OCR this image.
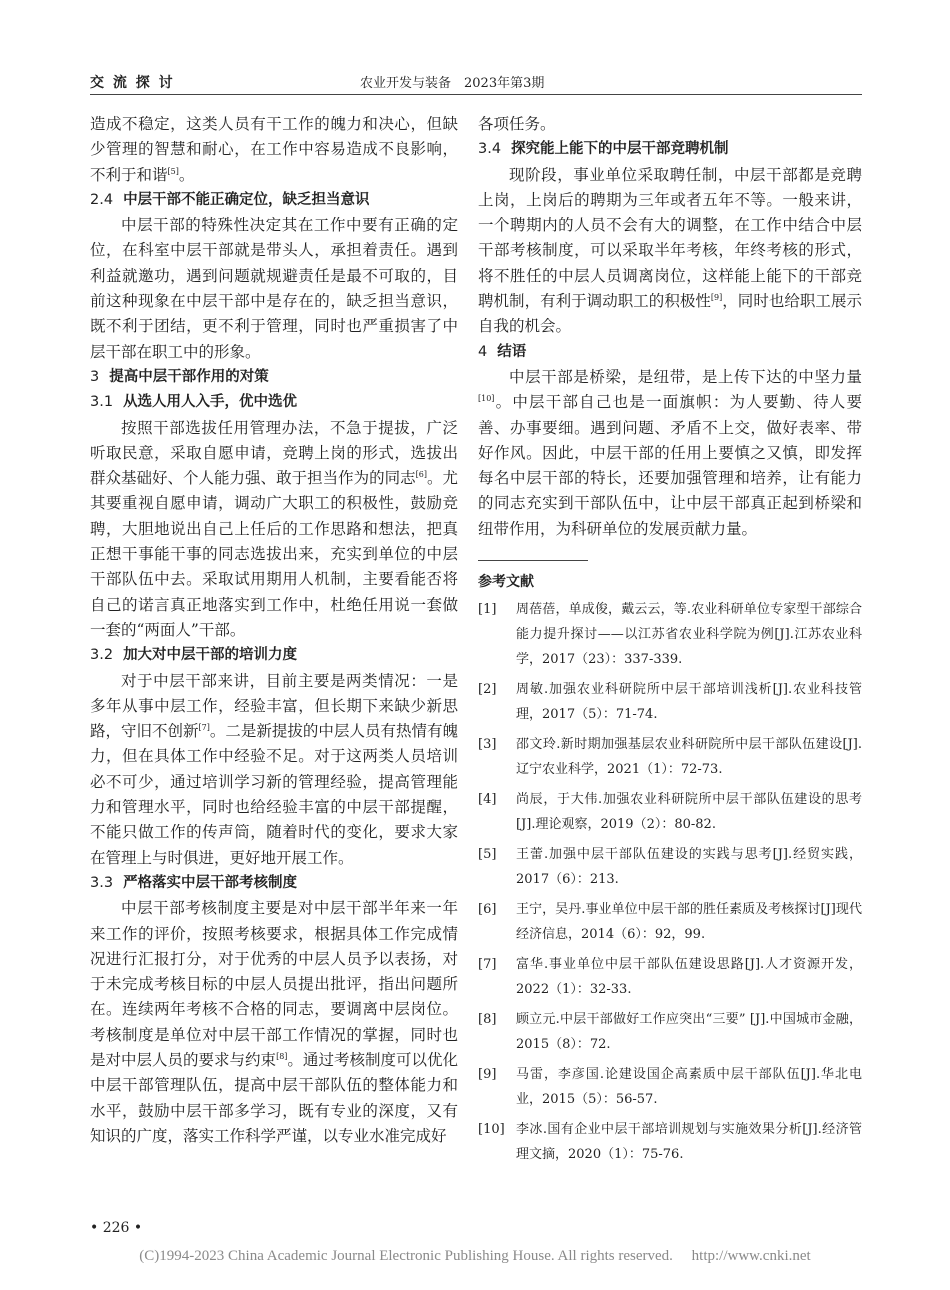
交 流 探 讨	农业开发与装备　2023年第3期

造成不稳定，这类人员有干工作的魄力和决心，但缺少管理的智慧和耐心，在工作中容易造成不良影响，不利于和谐[5]。

2.4 中层干部不能正确定位，缺乏担当意识

中层干部的特殊性决定其在工作中要有正确的定位，在科室中层干部就是带头人，承担着责任。遇到利益就邀功，遇到问题就规避责任是最不可取的，目前这种现象在中层干部中是存在的，缺乏担当意识，既不利于团结，更不利于管理，同时也严重损害了中层干部在职工中的形象。

3 提高中层干部作用的对策

3.1 从选人用人入手，优中选优

按照干部选拔任用管理办法，不急于提拔，广泛听取民意，采取自愿申请，竞聘上岗的形式，选拔出群众基础好、个人能力强、敢于担当作为的同志[6]。尤其要重视自愿申请，调动广大职工的积极性，鼓励竞聘，大胆地说出自己上任后的工作思路和想法，把真正想干事能干事的同志选拔出来，充实到单位的中层干部队伍中去。采取试用期用人机制，主要看能否将自己的诺言真正地落实到工作中，杜绝任用说一套做一套的“两面人”干部。

3.2 加大对中层干部的培训力度

对于中层干部来讲，目前主要是两类情况：一是多年从事中层工作，经验丰富，但长期下来缺少新思路，守旧不创新[7]。二是新提拔的中层人员有热情有魄力，但在具体工作中经验不足。对于这两类人员培训必不可少，通过培训学习新的管理经验，提高管理能力和管理水平，同时也给经验丰富的中层干部提醒，不能只做工作的传声筒，随着时代的变化，要求大家在管理上与时俱进，更好地开展工作。

3.3 严格落实中层干部考核制度

中层干部考核制度主要是对中层干部半年来一年来工作的评价，按照考核要求，根据具体工作完成情况进行汇报打分，对于优秀的中层人员予以表扬，对于未完成考核目标的中层人员提出批评，指出问题所在。连续两年考核不合格的同志，要调离中层岗位。考核制度是单位对中层干部工作情况的掌握，同时也是对中层人员的要求与约束[8]。通过考核制度可以优化中层干部管理队伍，提高中层干部队伍的整体能力和水平，鼓励中层干部多学习，既有专业的深度，又有知识的广度，落实工作科学严谨，以专业水准完成好

各项任务。

3.4 探究能上能下的中层干部竞聘机制

现阶段，事业单位采取聘任制，中层干部都是竞聘上岗，上岗后的聘期为三年或者五年不等。一般来讲，一个聘期内的人员不会有大的调整，在工作中结合中层干部考核制度，可以采取半年考核，年终考核的形式，将不胜任的中层人员调离岗位，这样能上能下的干部竞聘机制，有利于调动职工的积极性[9]，同时也给职工展示自我的机会。

4 结语

中层干部是桥梁，是纽带，是上传下达的中坚力量[10]。中层干部自己也是一面旗帜：为人要勤、待人要善、办事要细。遇到问题、矛盾不上交，做好表率、带好作风。因此，中层干部的任用上要慎之又慎，即发挥每名中层干部的特长，还要加强管理和培养，让有能力的同志充实到干部队伍中，让中层干部真正起到桥梁和纽带作用，为科研单位的发展贡献力量。

参考文献

[1] 周蓓蓓，单成俊，戴云云，等.农业科研单位专家型干部综合能力提升探讨——以江苏省农业科学院为例[J].江苏农业科学，2017（23）：337-339.

[2] 周敏.加强农业科研院所中层干部培训浅析[J].农业科技管理，2017（5）：71-74.

[3] 邵文玲.新时期加强基层农业科研院所中层干部队伍建设[J].辽宁农业科学，2021（1）：72-73.

[4] 尚辰，于大伟.加强农业科研院所中层干部队伍建设的思考[J].理论观察，2019（2）：80-82.

[5] 王蕾.加强中层干部队伍建设的实践与思考[J].经贸实践，2017（6）：213.

[6] 王宁，吴丹.事业单位中层干部的胜任素质及考核探讨[J]现代经济信息，2014（6）：92，99.

[7] 富华.事业单位中层干部队伍建设思路[J].人才资源开发，2022（1）：32-33.

[8] 顾立元.中层干部做好工作应突出“三要” [J].中国城市金融，2015（8）：72.

[9] 马雷，李彦国.论建设国企高素质中层干部队伍[J].华北电业，2015（5）：56-57.

[10] 李冰.国有企业中层干部培训规划与实施效果分析[J].经济管理文摘，2020（1）：75-76.

• 226 •
(C)1994-2023 China Academic Journal Electronic Publishing House. All rights reserved.　 http://www.cnki.net
